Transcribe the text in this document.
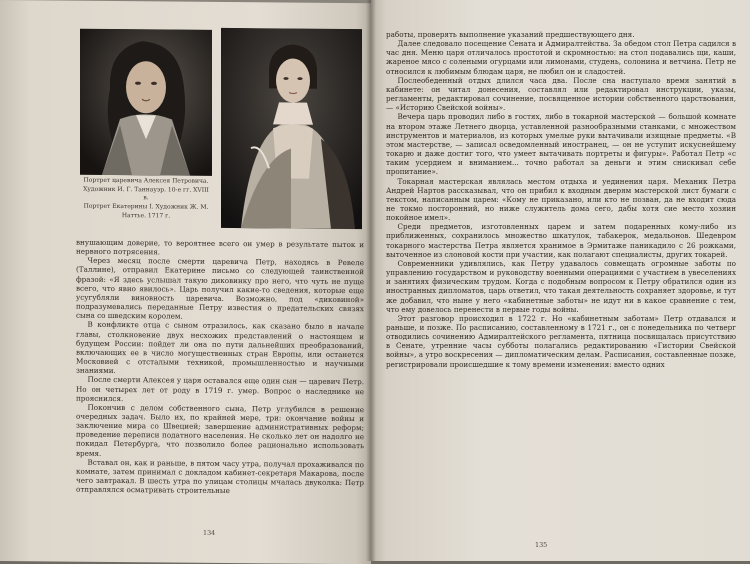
Портрет царевича Алексея Петровича. Художник И. Г. Таннауэр. 10-е гг. XVIII в.
Портрет Екатерины I. Художник Ж. М. Наттье. 1717 г.

внушающим доверие, то вероятнее всего он умер в результате пыток и нервного потрясения.

Через месяц после смерти царевича Петр, находясь в Ревеле (Таллине), отправил Екатерине письмо со следующей таинственной фразой: «Я здесь услышал такую диковинку про него, что чуть не пуще всего, что явно явилось». Царь получил какие-то сведения, которые еще усугубляли виновность царевича. Возможно, под «диковиной» подразумевались переданные Петру известия о предательских связях сына со шведским королем.

В конфликте отца с сыном отразилось, как сказано было в начале главы, столкновение двух несхожих представлений о настоящем и будущем России: пойдет ли она по пути дальнейших преобразований, включающих ее в число могущественных стран Европы, или останется Московией с отсталыми техникой, промышленностью и научными знаниями.

После смерти Алексея у царя оставался еще один сын — царевич Петр. Но он четырех лет от роду в 1719 г. умер. Вопрос о наследнике не прояснился.

Покончив с делом собственного сына, Петр углубился в решение очередных задач. Было их, по крайней мере, три: окончание войны и заключение мира со Швецией; завершение административных реформ; проведение переписи податного населения. Не сколько лет он надолго не покидал Петербурга, что позволило более рационально использовать время.

Вставал он, как и раньше, в пятом часу утра, получал прохаживался по комнате, затем принимал с докладом кабинет-секретаря Макарова, после чего завтракал. В шесть утра по улицам столицы мчалась двуколка: Петр отправлялся осматривать строительные

134

работы, проверять выполнение указаний предшествующего дня.

Далее следовало посещение Сената и Адмиралтейства. За обедом стол Петра садился в час дня. Меню царя отличалось простотой и скромностью: на стол подавались щи, каши, жареное мясо с солеными огурцами или лимонами, студень, солонина и ветчина. Петр не относился к любимым блюдам царя, не любил он и сладостей.

Послеобеденный отдых длился часа два. После сна наступало время занятий в кабинете: он читал донесения, составлял или редактировал инструкции, указы, регламенты, редактировал сочинение, посвященное истории собственного царствования, — «Историю Свейской войны».

Вечера царь проводил либо в гостях, либо в токарной мастерской — большой комнате на втором этаже Летнего дворца, уставленной разнообразными станками, с множеством инструментов и материалов, из которых умелые руки вытачивали изящные предметы. «В этом мастерстве, — записал осведомленный иностранец, — он не уступит искуснейшему токарю и даже достиг того, что умеет вытачивать портреты и фигуры». Работал Петр «с таким усердием и вниманием... точно работал за деньги и этим снискивал себе пропитание».

Токарная мастерская являлась местом отдыха и уединения царя. Механик Петра Андрей Нартов рассказывал, что он прибил к входным дверям мастерской лист бумаги с текстом, написанным царем: «Кому не приказано, или кто не позван, да не входит сюда не токмо посторонний, но ниже служитель дома сего, дабы хотя сие место хозяин покойное имел».

Среди предметов, изготовленных царем и затем подаренных кому-либо из приближенных, сохранилось множество шкатулок, табакерок, медальонов. Шедевром токарного мастерства Петра является хранимое в Эрмитаже паникадило с 26 рожками, выточенное из слоновой кости при участии, как полагают специалисты, других токарей.

Современники удивлялись, как Петру удавалось совмещать огромные заботы по управлению государством и руководству военными операциями с участием в увеселениях и занятиях физическим трудом. Когда с подобным вопросом к Петру обратился один из иностранных дипломатов, царь ответил, что такая деятельность сохраняет здоровье, и тут же добавил, что ныне у него «кабинетные заботы» не идут ни в какое сравнение с тем, что ему довелось перенести в первые годы войны.

Этот разговор происходил в 1722 г. Но «кабинетным заботам» Петр отдавался и раньше, и позже. По расписанию, составленному в 1721 г., он с понедельника по четверг отводились сочинению Адмиралтейского регламента, пятница посвящалась присутствию в Сенате, утренние часы субботы полагались редактированию «Гистории Свейской войны», а утро воскресения — дипломатическим делам. Расписания, составленные позже, регистрировали происшедшие к тому времени изменения: вместо одних

135
